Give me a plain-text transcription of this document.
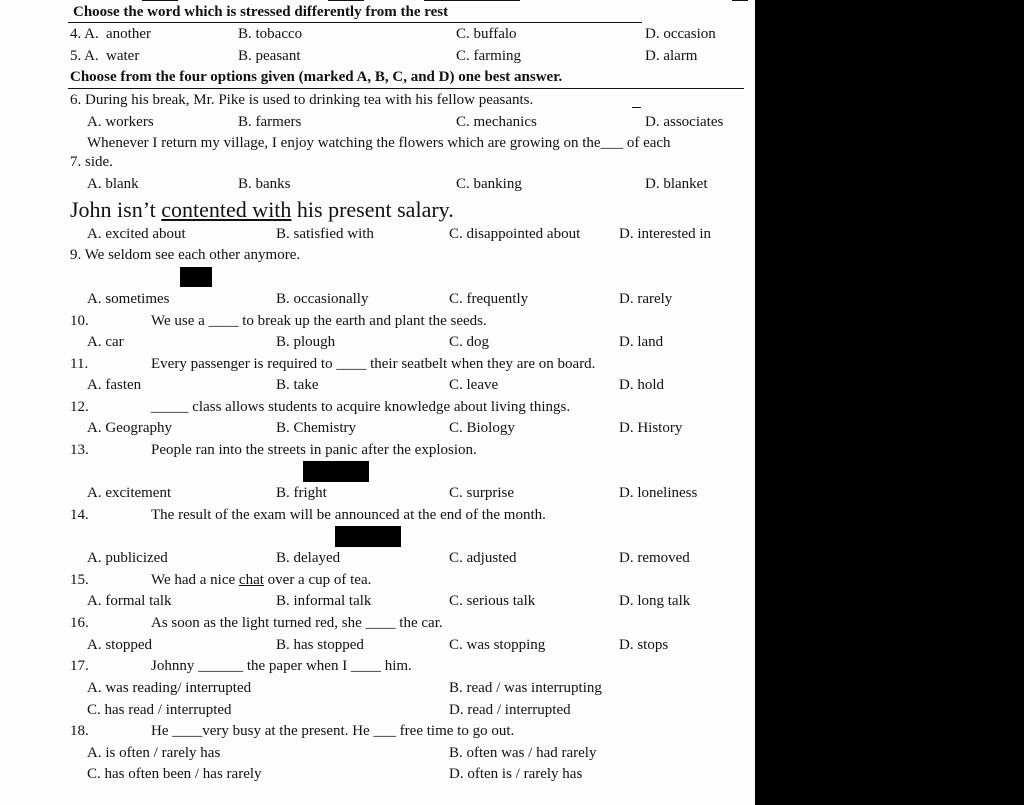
Choose the word which is stressed differently from the rest
4. A. another	B. tobacco	C. buffalo	D. occasion
5. A. water	B. peasant	C. farming	D. alarm
Choose from the four options given (marked A, B, C, and D) one best answer.
6. During his break, Mr. Pike is used to drinking tea with his fellow peasants.
A. workers	B. farmers	C. mechanics	D. associates
Whenever I return my village, I enjoy watching the flowers which are growing on the___ of each
7. side.
A. blank	B. banks	C. banking	D. blanket
John isn’t contented with his present salary.
A. excited about	B. satisfied with	C. disappointed about	D. interested in
9. We seldom see each other anymore.
A. sometimes	B. occasionally	C. frequently	D. rarely
10.	We use a ____ to break up the earth and plant the seeds.
A. car	B. plough	C. dog	D. land
11.	Every passenger is required to ____ their seatbelt when they are on board.
A. fasten	B. take	C. leave	D. hold
12.	_____ class allows students to acquire knowledge about living things.
A. Geography	B. Chemistry	C. Biology	D. History
13.	People ran into the streets in panic after the explosion.
A. excitement	B. fright	C. surprise	D. loneliness
14.	The result of the exam will be announced at the end of the month.
A. publicized	B. delayed	C. adjusted	D. removed
15.	We had a nice chat over a cup of tea.
A. formal talk	B. informal talk	C. serious talk	D. long talk
16.	As soon as the light turned red, she ____ the car.
A. stopped	B. has stopped	C. was stopping	D. stops
17.	Johnny ______ the paper when I ____ him.
A. was reading/ interrupted	B. read / was interrupting
C. has read / interrupted	D. read / interrupted
18.	He ____very busy at the present. He ___ free time to go out.
A. is often / rarely has	B. often was / had rarely
C. has often been / has rarely	D. often is / rarely has
